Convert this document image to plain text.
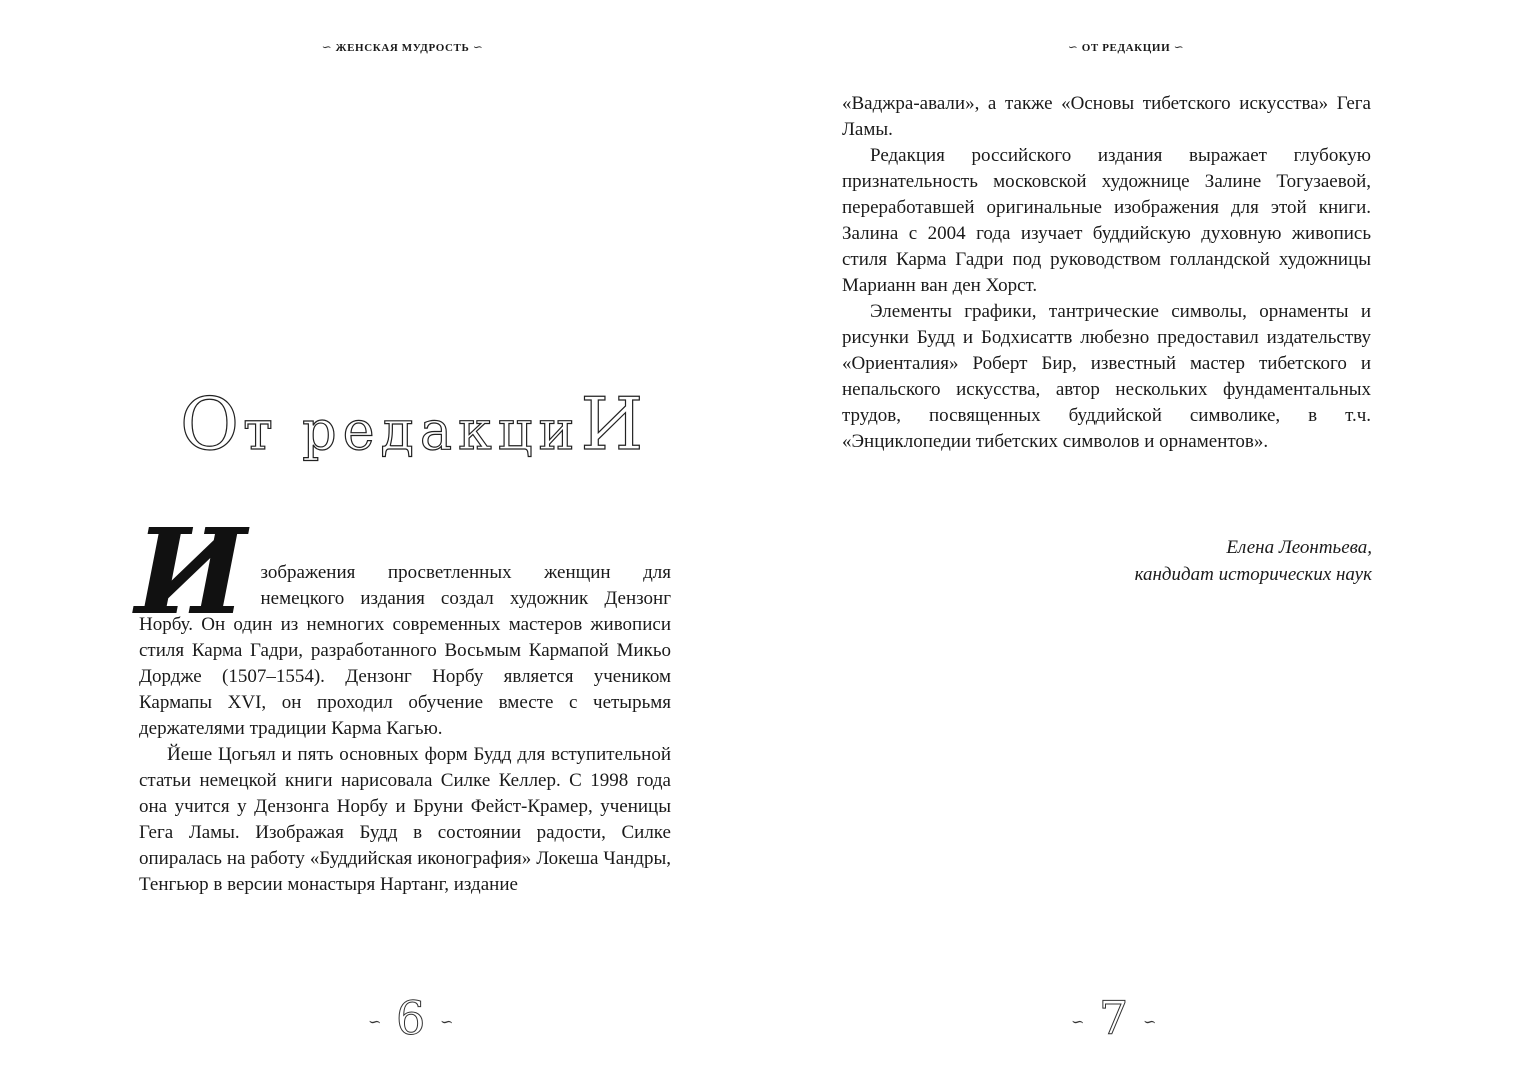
∽ ЖЕНСКАЯ МУДРОСТЬ ∽
От редакциИ

Изображения просветленных женщин для немецкого издания создал художник Дензонг Норбу. Он один из немногих современных мастеров живописи стиля Карма Гадри, разработанного Восьмым Кармапой Микьо Дордже (1507–1554). Дензонг Норбу является учеником Кармапы XVI, он проходил обучение вместе с четырьмя держателями традиции Карма Кагью.

Йеше Цогьял и пять основных форм Будд для вступительной статьи немецкой книги нарисовала Силке Келлер. С 1998 года она учится у Дензонга Норбу и Бруни Фейст-Крамер, ученицы Гега Ламы. Изображая Будд в состоянии радости, Силке опиралась на работу «Буддийская иконография» Локеша Чандры, Тенгьюр в версии монастыря Нартанг, издание

∽ 6 ∽
∽ ОТ РЕДАКЦИИ ∽

«Ваджра-авали», а также «Основы тибетского искусства» Гега Ламы.

Редакция российского издания выражает глубокую признательность московской художнице Залине Тогузаевой, переработавшей оригинальные изображения для этой книги. Залина с 2004 года изучает буддийскую духовную живопись стиля Карма Гадри под руководством голландской художницы Марианн ван ден Хорст.

Элементы графики, тантрические символы, орнаменты и рисунки Будд и Бодхисаттв любезно предоставил издательству «Ориенталия» Роберт Бир, известный мастер тибетского и непальского искусства, автор нескольких фундаментальных трудов, посвященных буддийской символике, в т.ч. «Энциклопедии тибетских символов и орнаментов».

Елена Леонтьева,
кандидат исторических наук
∽ 7 ∽
